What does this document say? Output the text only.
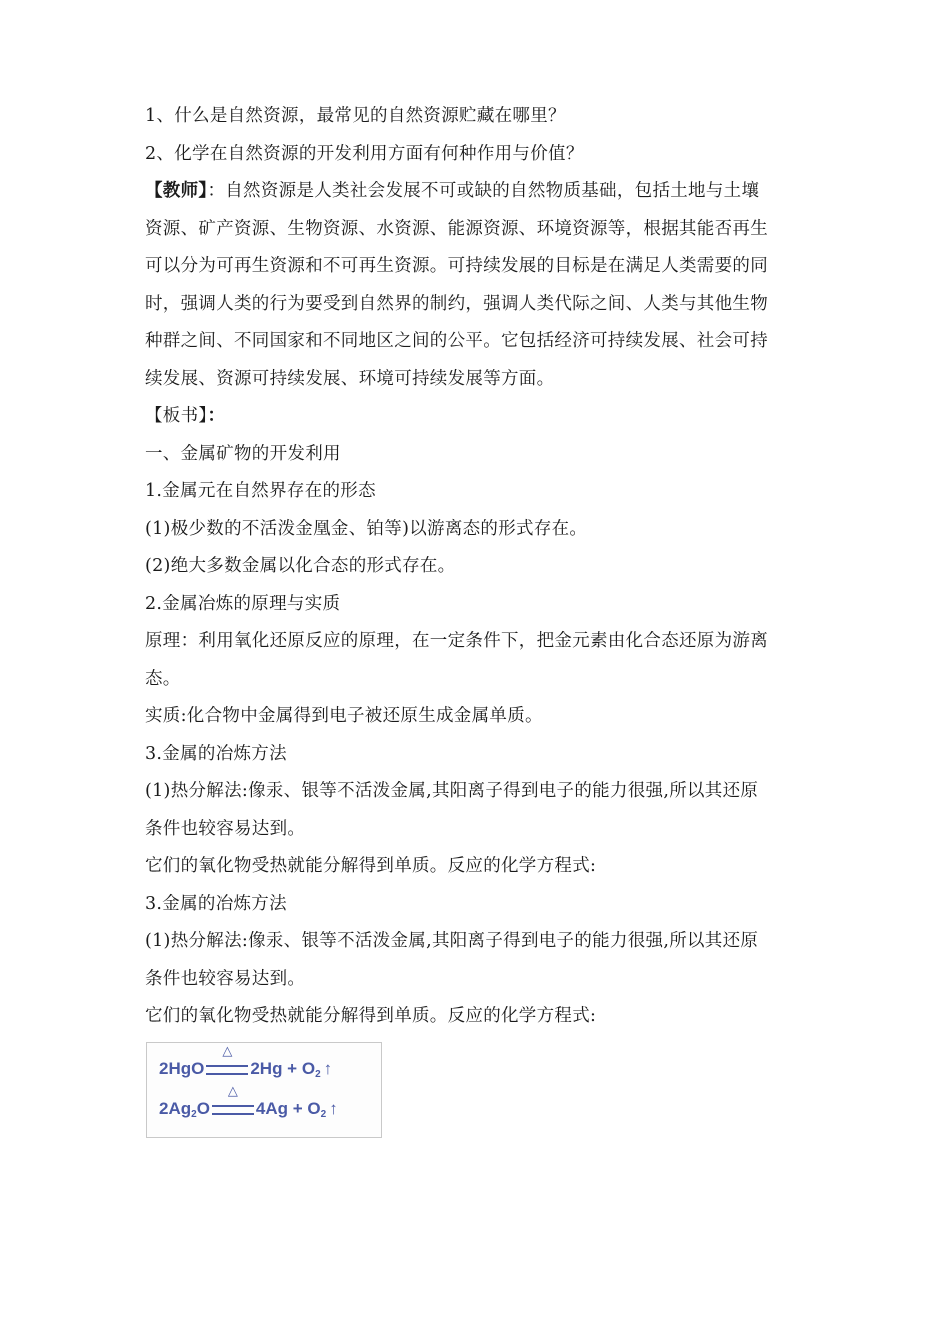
1、什么是自然资源，最常见的自然资源贮藏在哪里？
2、化学在自然资源的开发利用方面有何种作用与价值？
【教师】：自然资源是人类社会发展不可或缺的自然物质基础，包括土地与土壤
资源、矿产资源、生物资源、水资源、能源资源、环境资源等，根据其能否再生
可以分为可再生资源和不可再生资源。可持续发展的目标是在满足人类需要的同
时，强调人类的行为要受到自然界的制约，强调人类代际之间、人类与其他生物
种群之间、不同国家和不同地区之间的公平。它包括经济可持续发展、社会可持
续发展、资源可持续发展、环境可持续发展等方面。
【板书】：
一、金属矿物的开发利用
1.金属元在自然界存在的形态
(1)极少数的不活泼金凰金、铂等)以游离态的形式存在。
(2)绝大多数金属以化合态的形式存在。
2.金属冶炼的原理与实质
原理：利用氧化还原反应的原理，在一定条件下，把金元素由化合态还原为游离
态。
实质:化合物中金属得到电子被还原生成金属单质。
3.金属的冶炼方法
(1)热分解法:像汞、银等不活泼金属,其阳离子得到电子的能力很强,所以其还原
条件也较容易达到。
它们的氧化物受热就能分解得到单质。反应的化学方程式:
3.金属的冶炼方法
(1)热分解法:像汞、银等不活泼金属,其阳离子得到电子的能力很强,所以其还原
条件也较容易达到。
它们的氧化物受热就能分解得到单质。反应的化学方程式:
2HgO
△
$2Hg + O_2$ ↑
$2Ag_2O$
△
$4Ag + O_2$ ↑
